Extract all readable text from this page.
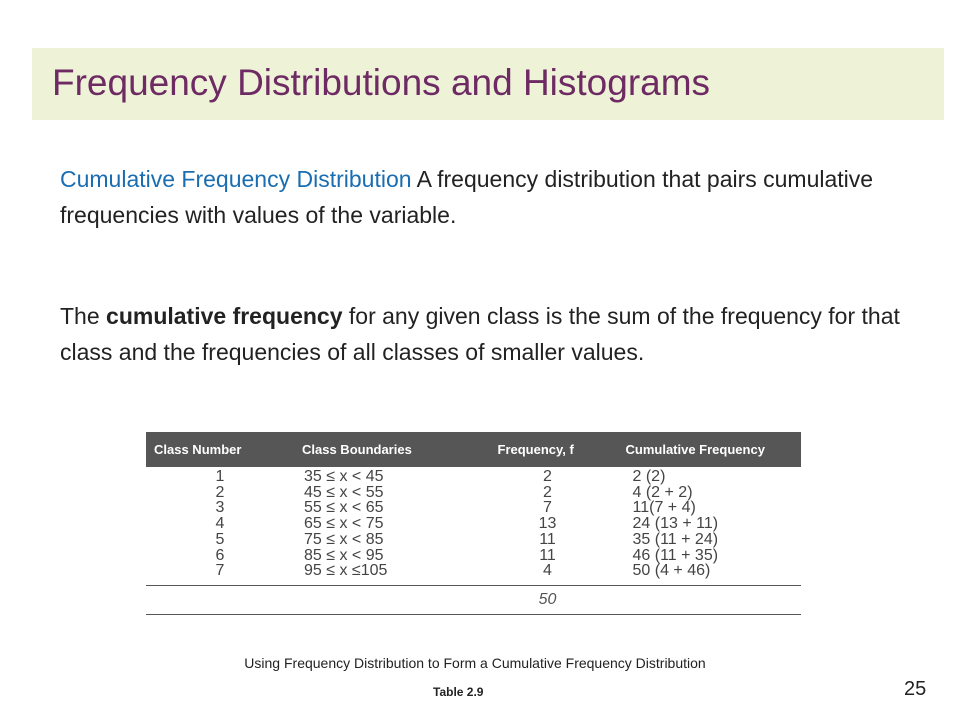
Frequency Distributions and Histograms

Cumulative Frequency Distribution A frequency distribution that pairs cumulative frequencies with values of the variable.

The cumulative frequency for any given class is the sum of the frequency for that class and the frequencies of all classes of smaller values.

Class Number	Class Boundaries	Frequency, f	Cumulative Frequency
1	35 ≤ x < 45	2	2 (2)
2	45 ≤ x < 55	2	4 (2 + 2)
3	55 ≤ x < 65	7	11(7 + 4)
4	65 ≤ x < 75	13	24 (13 + 11)
5	75 ≤ x < 85	11	35 (11 + 24)
6	85 ≤ x < 95	11	46 (11 + 35)
7	95 ≤ x ≤105	4	50 (4 + 46)
		50	
Using Frequency Distribution to Form a Cumulative Frequency Distribution
Table 2.9	25
